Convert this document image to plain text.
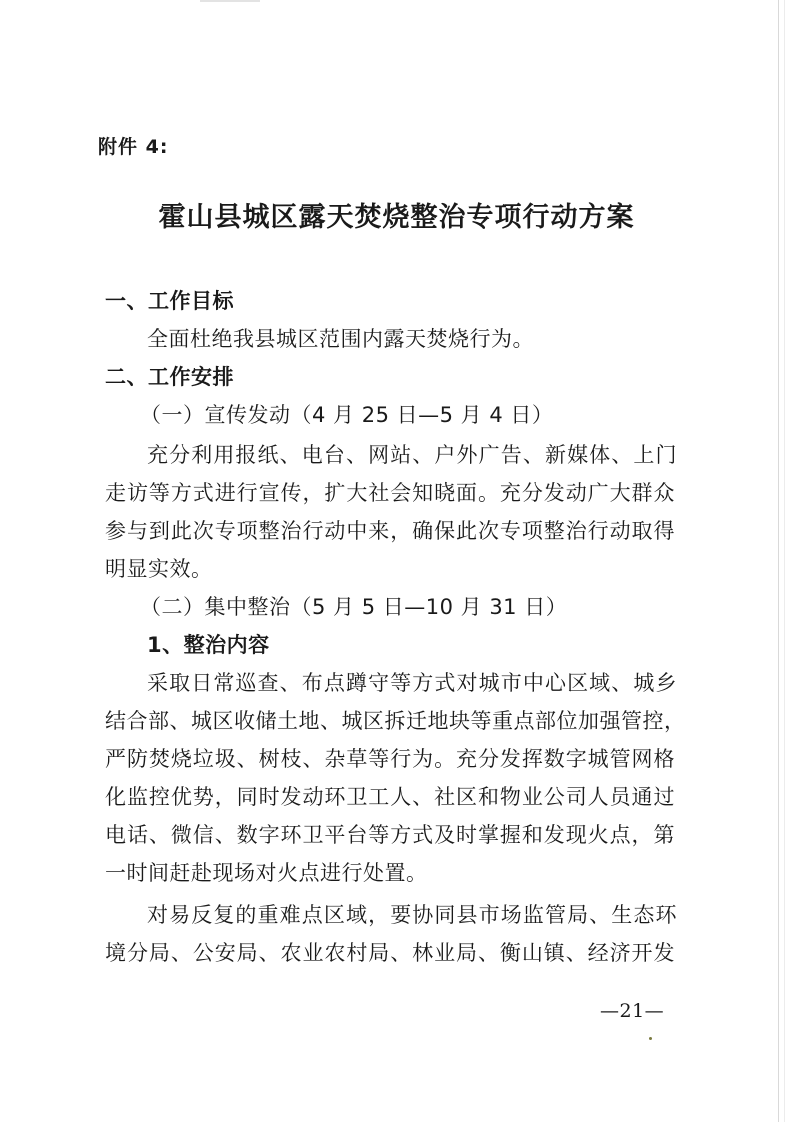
附件 4:
霍山县城区露天焚烧整治专项行动方案
一、工作目标
全面杜绝我县城区范围内露天焚烧行为。
二、工作安排
（一）宣传发动（4 月 25 日—5 月 4 日）
充分利用报纸、电台、网站、户外广告、新媒体、上门
走访等方式进行宣传，扩大社会知晓面。充分发动广大群众
参与到此次专项整治行动中来，确保此次专项整治行动取得
明显实效。
（二）集中整治（5 月 5 日—10 月 31 日）
1、整治内容
采取日常巡查、布点蹲守等方式对城市中心区域、城乡
结合部、城区收储土地、城区拆迁地块等重点部位加强管控，
严防焚烧垃圾、树枝、杂草等行为。充分发挥数字城管网格
化监控优势，同时发动环卫工人、社区和物业公司人员通过
电话、微信、数字环卫平台等方式及时掌握和发现火点，第
一时间赶赴现场对火点进行处置。
对易反复的重难点区域，要协同县市场监管局、生态环
境分局、公安局、农业农村局、林业局、衡山镇、经济开发
—21—
